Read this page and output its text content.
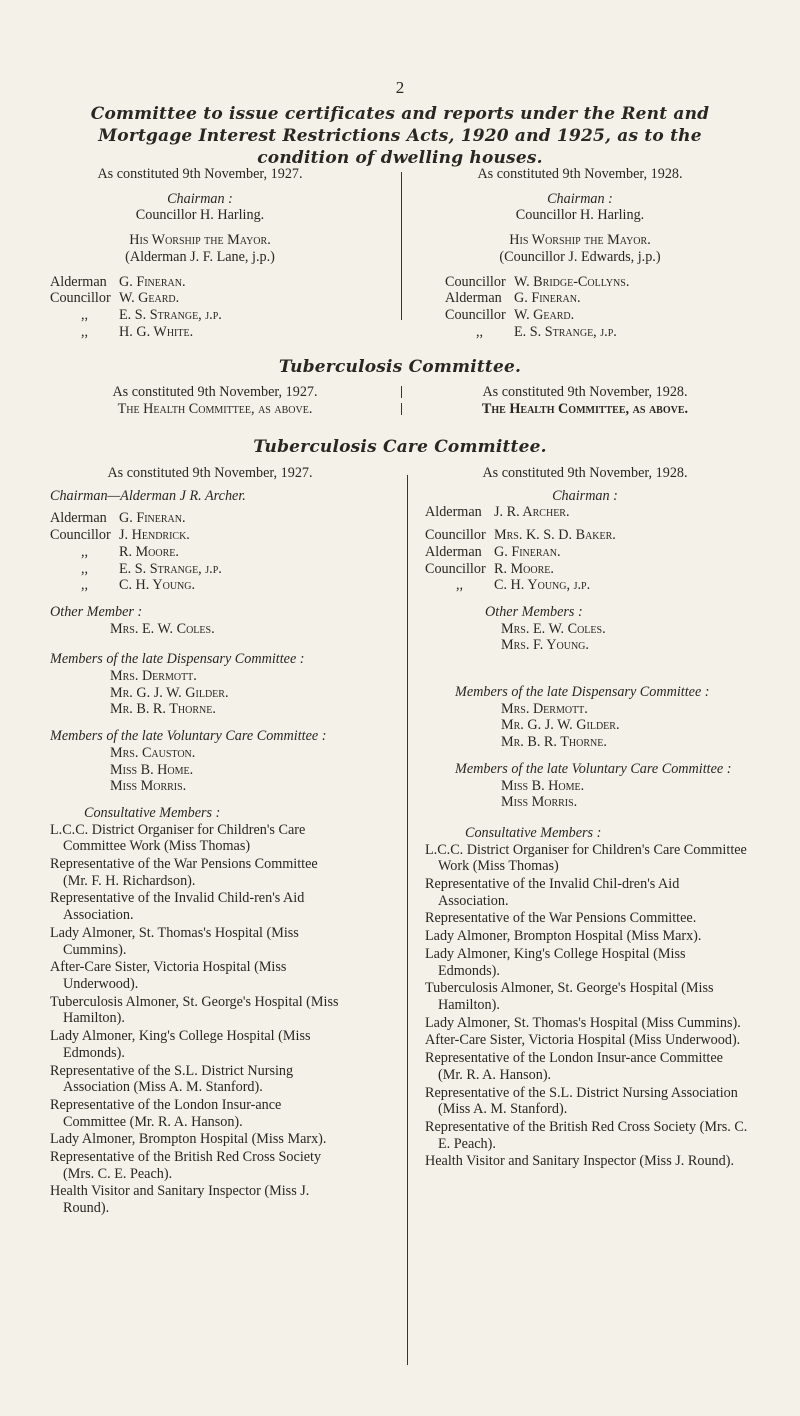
2
Committee to issue certificates and reports under the Rent and Mortgage Interest Restrictions Acts, 1920 and 1925, as to the condition of dwelling houses.

As constituted 9th November, 1927.

Chairman :

Councillor H. Harling.

His Worship the Mayor.

(Alderman J. F. Lane, j.p.)

Alderman G. Fineran.
Councillor W. Geard.
,,	E. S. Strange, j.p.
,,	H. G. White.

As constituted 9th November, 1928.

Chairman :

Councillor H. Harling.

His Worship the Mayor.

(Councillor J. Edwards, j.p.)

Councillor W. Bridge-Collyns.
Alderman G. Fineran.
Councillor W. Geard.
,,	E. S. Strange, j.p.
Tuberculosis Committee.

As constituted 9th November, 1927.

The Health Committee, as above.

As constituted 9th November, 1928.

The Health Committee, as above.

Tuberculosis Care Committee.

As constituted 9th November, 1927.

Chairman—Alderman J R. Archer.

Alderman G. Fineran.
Councillor J. Hendrick.
,,	R. Moore.
,,	E. S. Strange, j.p.
,,	C. H. Young.

Other Member :

Mrs. E. W. Coles.

Members of the late Dispensary Committee :

Mrs. Dermott.

Mr. G. J. W. Gilder.

Mr. B. R. Thorne.

Members of the late Voluntary Care Committee :

Mrs. Causton.

Miss B. Home.

Miss Morris.

Consultative Members :

L.C.C. District Organiser for Children's Care Committee Work (Miss Thomas)

Representative of the War Pensions Committee (Mr. F. H. Richardson).

Representative of the Invalid Child-ren's Aid Association.

Lady Almoner, St. Thomas's Hospital (Miss Cummins).

After-Care Sister, Victoria Hospital (Miss Underwood).

Tuberculosis Almoner, St. George's Hospital (Miss Hamilton).

Lady Almoner, King's College Hospital (Miss Edmonds).

Representative of the S.L. District Nursing Association (Miss A. M. Stanford).

Representative of the London Insur-ance Committee (Mr. R. A. Hanson).

Lady Almoner, Brompton Hospital (Miss Marx).

Representative of the British Red Cross Society (Mrs. C. E. Peach).

Health Visitor and Sanitary Inspector (Miss J. Round).

As constituted 9th November, 1928.

Chairman :

Alderman J. R. Archer.
Councillor Mrs. K. S. D. Baker.
Alderman G. Fineran.
Councillor R. Moore.
,,	C. H. Young, j.p.

Other Members :

Mrs. E. W. Coles.

Mrs. F. Young.

Members of the late Dispensary Committee :

Mrs. Dermott.

Mr. G. J. W. Gilder.

Mr. B. R. Thorne.

Members of the late Voluntary Care Committee :

Miss B. Home.

Miss Morris.

Consultative Members :

L.C.C. District Organiser for Children's Care Committee Work (Miss Thomas)

Representative of the Invalid Chil-dren's Aid Association.

Representative of the War Pensions Committee.

Lady Almoner, Brompton Hospital (Miss Marx).

Lady Almoner, King's College Hospital (Miss Edmonds).

Tuberculosis Almoner, St. George's Hospital (Miss Hamilton).

Lady Almoner, St. Thomas's Hospital (Miss Cummins).

After-Care Sister, Victoria Hospital (Miss Underwood).

Representative of the London Insur-ance Committee (Mr. R. A. Hanson).

Representative of the S.L. District Nursing Association (Miss A. M. Stanford).

Representative of the British Red Cross Society (Mrs. C. E. Peach).

Health Visitor and Sanitary Inspector (Miss J. Round).
